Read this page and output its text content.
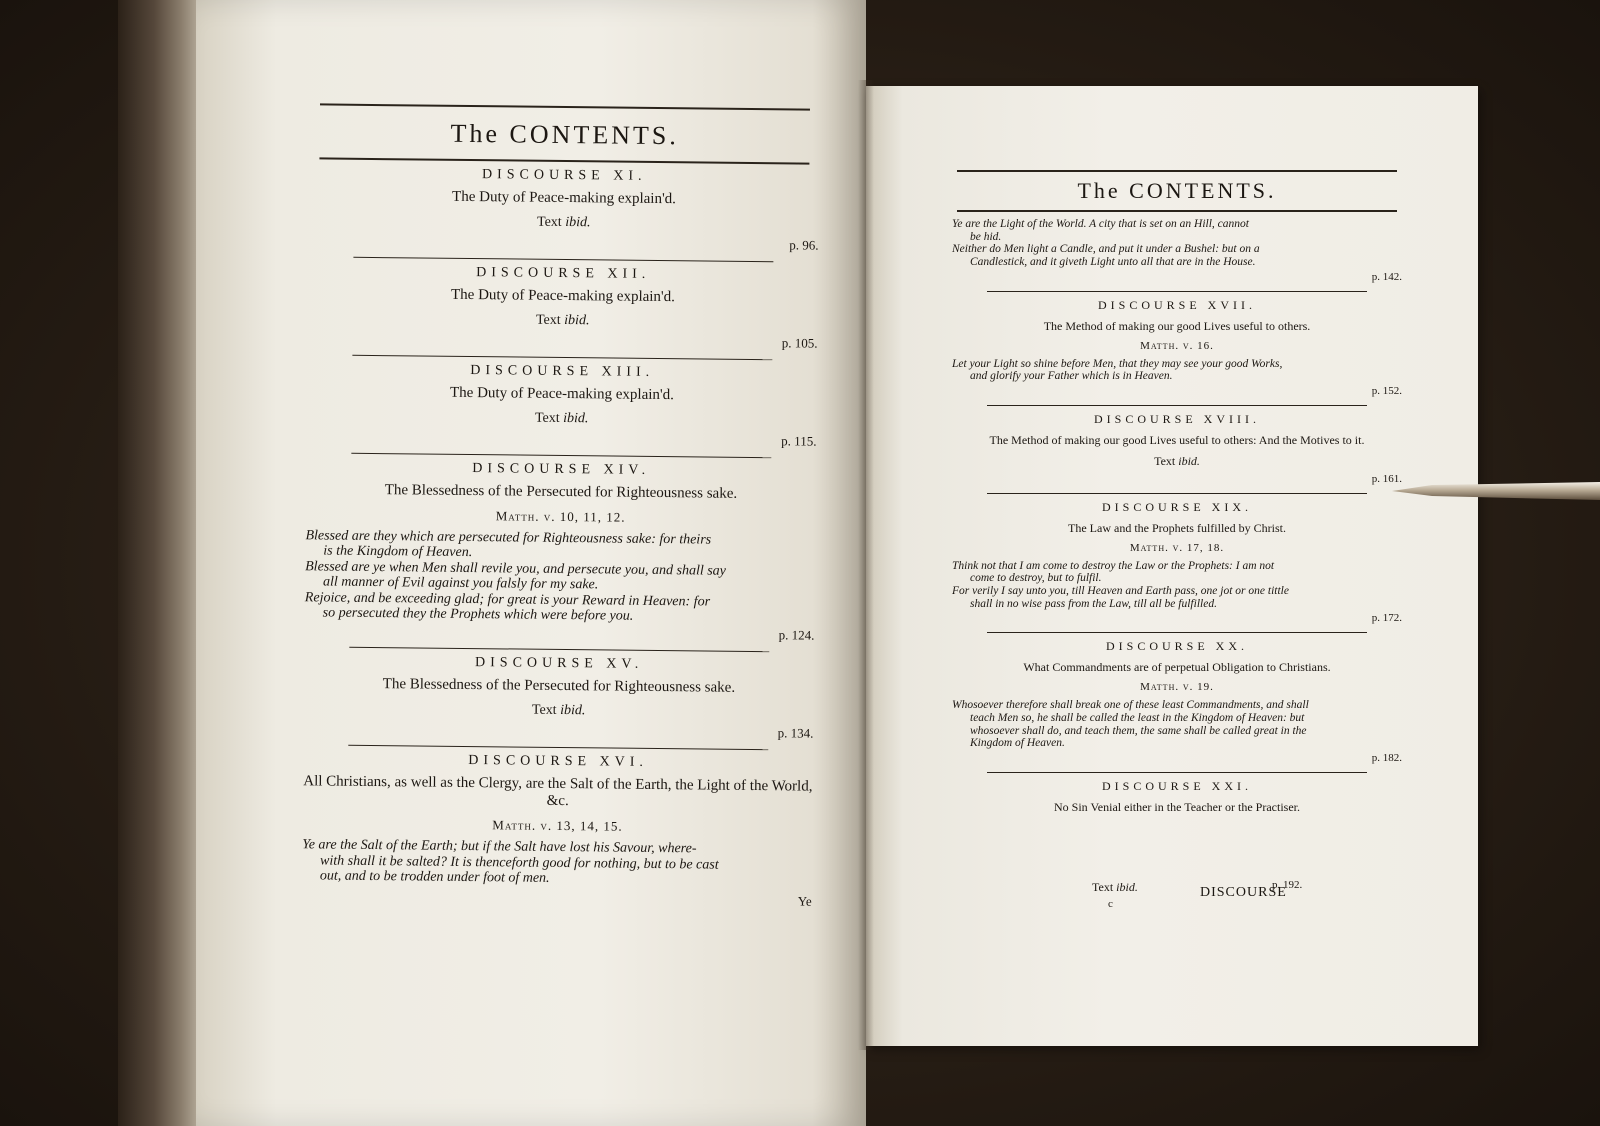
The CONTENTS.
DISCOURSE XI.
The Duty of Peace-making explain'd.
Text ibid.
p. 96.
DISCOURSE XII.
The Duty of Peace-making explain'd.
Text ibid.
p. 105.
DISCOURSE XIII.
The Duty of Peace-making explain'd.
Text ibid.
p. 115.
DISCOURSE XIV.
The Blessedness of the Persecuted for Righteousness sake.
Matth. v. 10, 11, 12.
Blessed are they which are persecuted for Righteousness sake: for theirs
is the Kingdom of Heaven.
Blessed are ye when Men shall revile you, and persecute you, and shall say
all manner of Evil against you falsly for my sake.
Rejoice, and be exceeding glad; for great is your Reward in Heaven: for
so persecuted they the Prophets which were before you.
p. 124.
DISCOURSE XV.
The Blessedness of the Persecuted for Righteousness sake.
Text ibid.
p. 134.
DISCOURSE XVI.
All Christians, as well as the Clergy, are the Salt of the Earth, the Light of the World, &c.
Matth. v. 13, 14, 15.
Ye are the Salt of the Earth; but if the Salt have lost his Savour, where-
with shall it be salted? It is thenceforth good for nothing, but to be cast
out, and to be trodden under foot of men.
Ye
The CONTENTS.
Ye are the Light of the World. A city that is set on an Hill, cannot
be hid.
Neither do Men light a Candle, and put it under a Bushel: but on a
Candlestick, and it giveth Light unto all that are in the House.
p. 142.
DISCOURSE XVII.
The Method of making our good Lives useful to others.
Matth. v. 16.
Let your Light so shine before Men, that they may see your good Works,
and glorify your Father which is in Heaven.
p. 152.
DISCOURSE XVIII.
The Method of making our good Lives useful to others: And the Motives to it.
Text ibid.
p. 161.
DISCOURSE XIX.
The Law and the Prophets fulfilled by Christ.
Matth. v. 17, 18.
Think not that I am come to destroy the Law or the Prophets: I am not
come to destroy, but to fulfil.
For verily I say unto you, till Heaven and Earth pass, one jot or one tittle
shall in no wise pass from the Law, till all be fulfilled.
p. 172.
DISCOURSE XX.
What Commandments are of perpetual Obligation to Christians.
Matth. v. 19.
Whosoever therefore shall break one of these least Commandments, and shall
teach Men so, he shall be called the least in the Kingdom of Heaven: but
whosoever shall do, and teach them, the same shall be called great in the
Kingdom of Heaven.
p. 182.
DISCOURSE XXI.
No Sin Venial either in the Teacher or the Practiser.
Text ibid.	p. 192.
DISCOURSE
c
